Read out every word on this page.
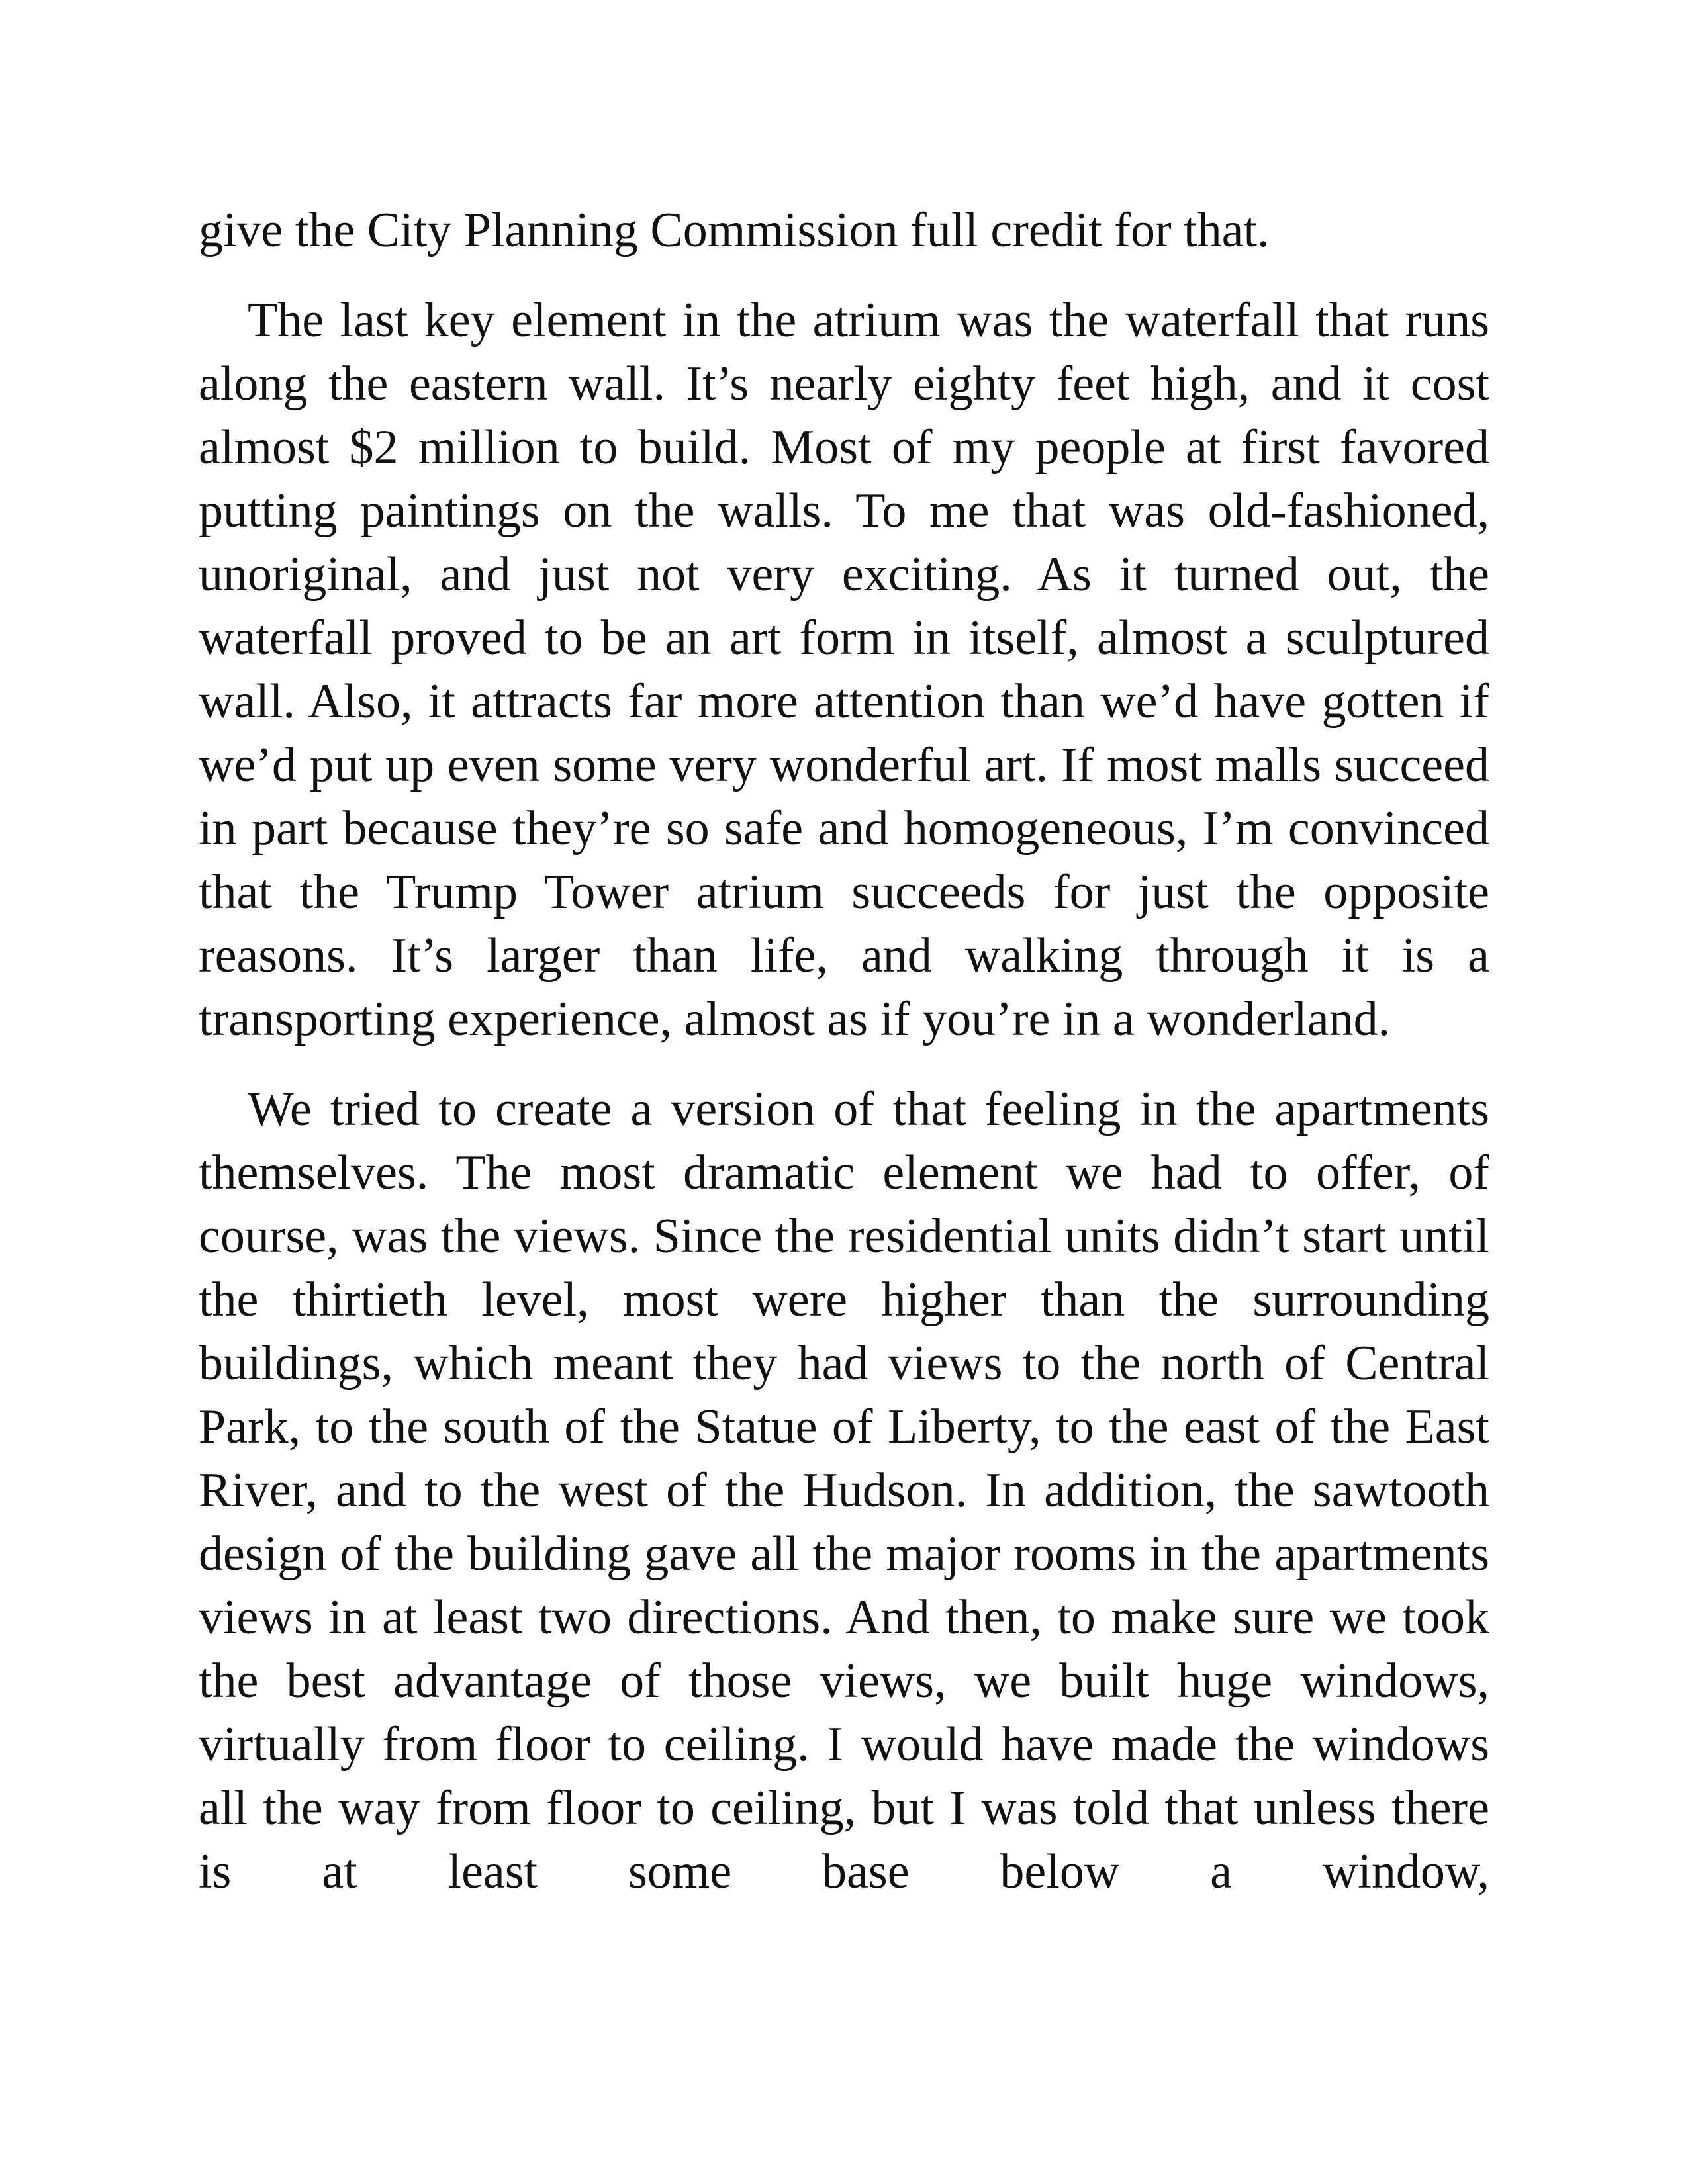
give the City Planning Commission full credit for that.

The last key element in the atrium was the waterfall that runs along the eastern wall. It’s nearly eighty feet high, and it cost almost $2 million to build. Most of my people at first favored putting paintings on the walls. To me that was old-fashioned, unoriginal, and just not very exciting. As it turned out, the waterfall proved to be an art form in itself, almost a sculptured wall. Also, it attracts far more attention than we’d have gotten if we’d put up even some very wonderful art. If most malls succeed in part because they’re so safe and homogeneous, I’m convinced that the Trump Tower atrium succeeds for just the opposite reasons. It’s larger than life, and walking through it is a transporting experience, almost as if you’re in a wonderland.

We tried to create a version of that feeling in the apartments themselves. The most dramatic element we had to offer, of course, was the views. Since the residential units didn’t start until the thirtieth level, most were higher than the surrounding buildings, which meant they had views to the north of Central Park, to the south of the Statue of Liberty, to the east of the East River, and to the west of the Hudson. In addition, the sawtooth design of the building gave all the major rooms in the apartments views in at least two directions. And then, to make sure we took the best advantage of those views, we built huge windows, virtually from floor to ceiling. I would have made the windows all the way from floor to ceiling, but I was told that unless there is at least some base below a window,
